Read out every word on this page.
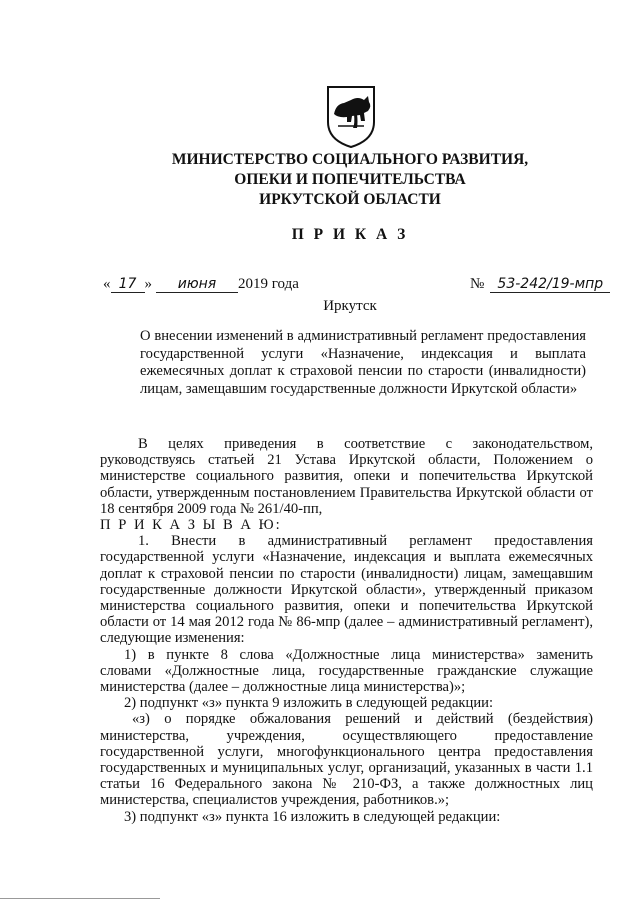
МИНИСТЕРСТВО СОЦИАЛЬНОГО РАЗВИТИЯ,
ОПЕКИ И ПОПЕЧИТЕЛЬСТВА
ИРКУТСКОЙ ОБЛАСТИ
П Р И К А З
« 17 » июня 2019 года	№ 53-242/19-мпр
Иркутск
О внесении изменений в административный регламент предоставления
государственной услуги «Назначение, индексация и выплата
ежемесячных доплат к страховой пенсии по старости (инвалидности)
лицам, замещавшим государственные должности Иркутской области»
В целях приведения в соответствие с законодательством,
руководствуясь статьей 21 Устава Иркутской области, Положением о
министерстве социального развития, опеки и попечительства Иркутской
области, утвержденным постановлением Правительства Иркутской области от
18 сентября 2009 года № 261/40-пп,
П Р И К А З Ы В А Ю:
1. Внести в административный регламент предоставления
государственной услуги «Назначение, индексация и выплата ежемесячных
доплат к страховой пенсии по старости (инвалидности) лицам, замещавшим
государственные должности Иркутской области», утвержденный приказом
министерства социального развития, опеки и попечительства Иркутской
области от 14 мая 2012 года № 86-мпр (далее – административный регламент),
следующие изменения:
1) в пункте 8 слова «Должностные лица министерства» заменить
словами «Должностные лица, государственные гражданские служащие
министерства (далее – должностные лица министерства)»;
2) подпункт «з» пункта 9 изложить в следующей редакции:
«з) о порядке обжалования решений и действий (бездействия)
министерства, учреждения, осуществляющего предоставление
государственной услуги, многофункционального центра предоставления
государственных и муниципальных услуг, организаций, указанных в части 1.1
статьи 16 Федерального закона № 210-ФЗ, а также должностных лиц
министерства, специалистов учреждения, работников.»;
3) подпункт «з» пункта 16 изложить в следующей редакции:
